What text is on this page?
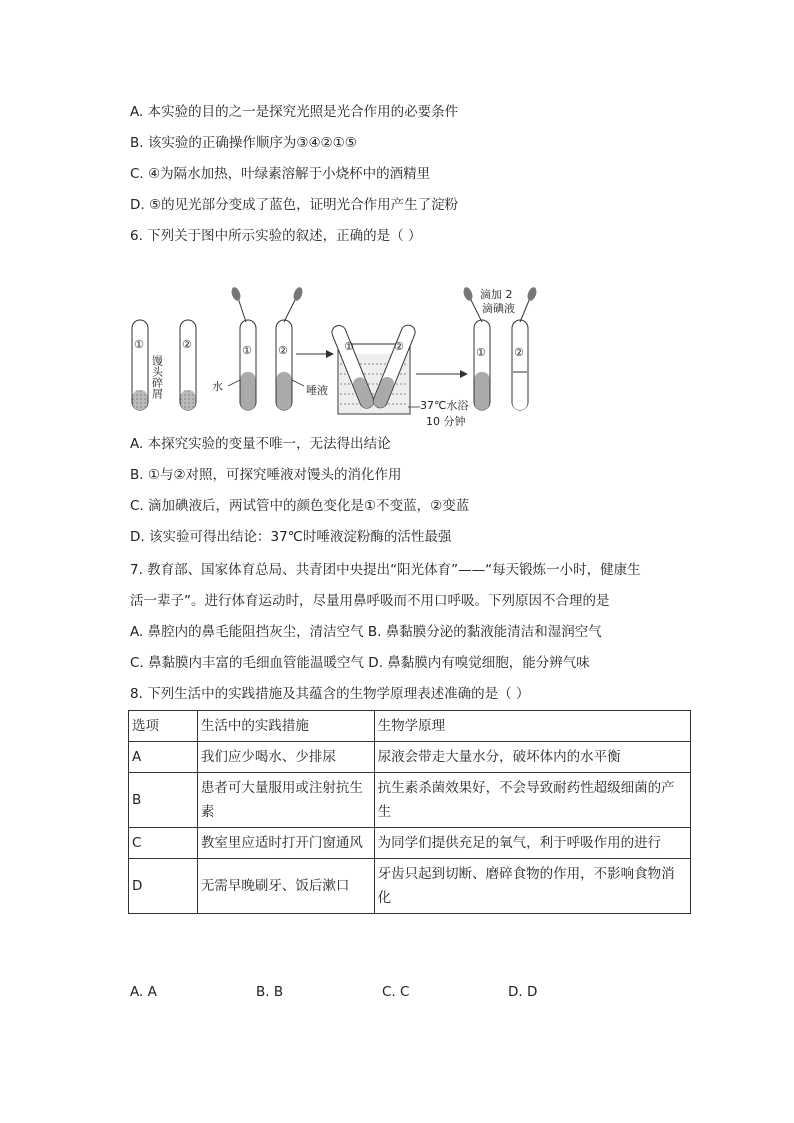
A. 本实验的目的之一是探究光照是光合作用的必要条件
B. 该实验的正确操作顺序为③④②①⑤
C. ④为隔水加热，叶绿素溶解于小烧杯中的酒精里
D. ⑤的见光部分变成了蓝色，证明光合作用产生了淀粉
6. 下列关于图中所示实验的叙述，正确的是（ ）
①
馒头碎屑
②	①
水
②
唾液
①	②
37℃水浴
10 分钟
①	②
滴加 2
滴碘液
A. 本探究实验的变量不唯一，无法得出结论
B. ①与②对照，可探究唾液对馒头的消化作用
C. 滴加碘液后，两试管中的颜色变化是①不变蓝，②变蓝
D. 该实验可得出结论：37℃时唾液淀粉酶的活性最强
7. 教育部、国家体育总局、共青团中央提出“阳光体育”——“每天锻炼一小时，健康生
活一辈子”。进行体育运动时，尽量用鼻呼吸而不用口呼吸。下列原因不合理的是
A. 鼻腔内的鼻毛能阻挡灰尘，清洁空气 B. 鼻黏膜分泌的黏液能清洁和湿润空气
C. 鼻黏膜内丰富的毛细血管能温暖空气 D. 鼻黏膜内有嗅觉细胞，能分辨气味
8. 下列生活中的实践措施及其蕴含的生物学原理表述准确的是（ ）
选项	生活中的实践措施	生物学原理
A	我们应少喝水、少排尿	尿液会带走大量水分，破坏体内的水平衡
B	患者可大量服用或注射抗生素	抗生素杀菌效果好，不会导致耐药性超级细菌的产生
C	教室里应适时打开门窗通风	为同学们提供充足的氧气，利于呼吸作用的进行
D	无需早晚刷牙、饭后漱口	牙齿只起到切断、磨碎食物的作用，不影响食物消化
A. A	B. B	C. C	D. D
